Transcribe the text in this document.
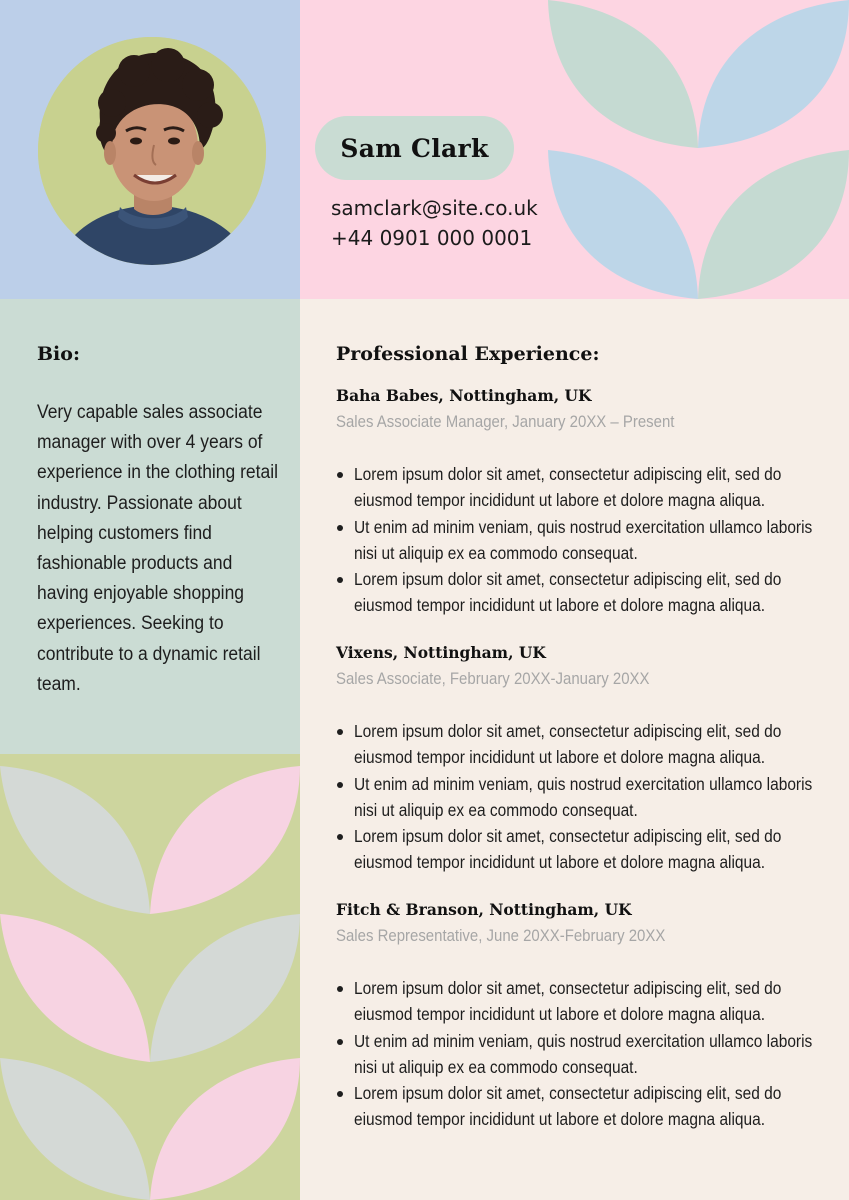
Sam Clark
samclark@site.co.uk
+44 0901 000 0001
Bio:
Very capable sales associate manager with over 4 years of experience in the clothing retail industry. Passionate about helping customers find fashionable products and having enjoyable shopping experiences. Seeking to contribute to a dynamic retail team.
Professional Experience:
Baha Babes, Nottingham, UK
Sales Associate Manager, January 20XX – Present
Lorem ipsum dolor sit amet, consectetur adipiscing elit, sed do eiusmod tempor incididunt ut labore et dolore magna aliqua.
Ut enim ad minim veniam, quis nostrud exercitation ullamco laboris nisi ut aliquip ex ea commodo consequat.
Lorem ipsum dolor sit amet, consectetur adipiscing elit, sed do eiusmod tempor incididunt ut labore et dolore magna aliqua.
Vixens, Nottingham, UK
Sales Associate, February 20XX-January 20XX
Lorem ipsum dolor sit amet, consectetur adipiscing elit, sed do eiusmod tempor incididunt ut labore et dolore magna aliqua.
Ut enim ad minim veniam, quis nostrud exercitation ullamco laboris nisi ut aliquip ex ea commodo consequat.
Lorem ipsum dolor sit amet, consectetur adipiscing elit, sed do eiusmod tempor incididunt ut labore et dolore magna aliqua.
Fitch & Branson, Nottingham, UK
Sales Representative, June 20XX-February 20XX
Lorem ipsum dolor sit amet, consectetur adipiscing elit, sed do eiusmod tempor incididunt ut labore et dolore magna aliqua.
Ut enim ad minim veniam, quis nostrud exercitation ullamco laboris nisi ut aliquip ex ea commodo consequat.
Lorem ipsum dolor sit amet, consectetur adipiscing elit, sed do eiusmod tempor incididunt ut labore et dolore magna aliqua.
